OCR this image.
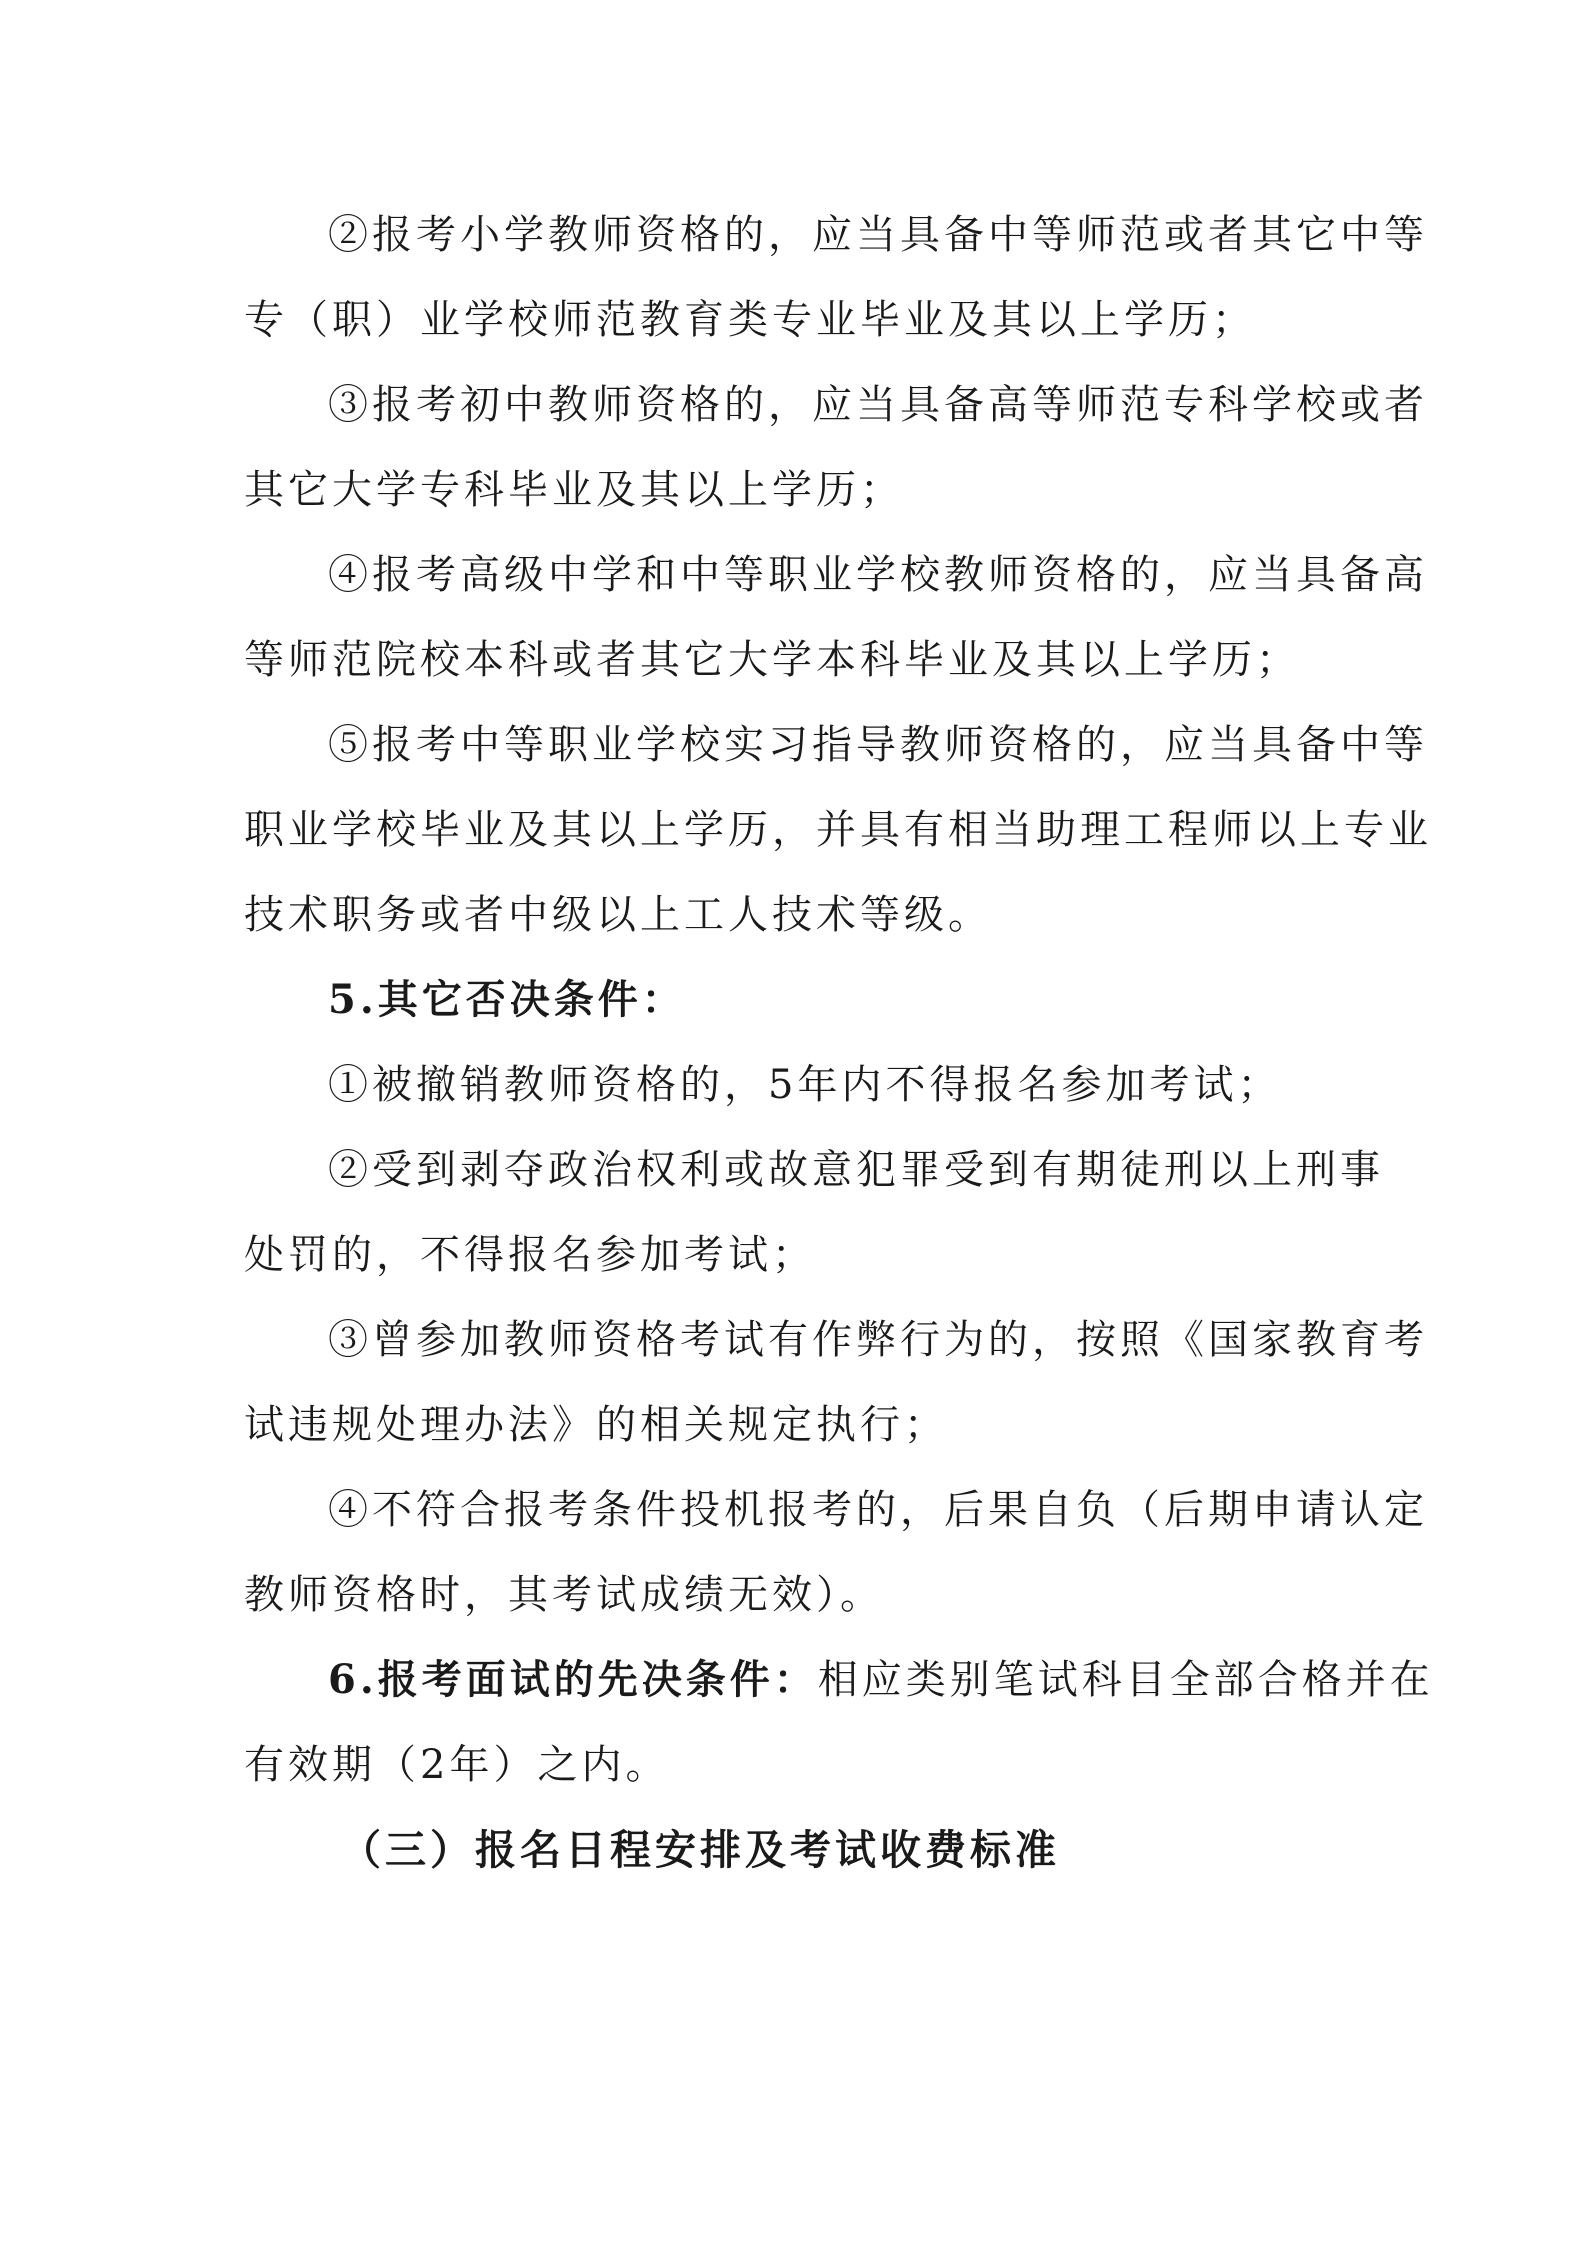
②报考小学教师资格的，应当具备中等师范或者其它中等
专（职）业学校师范教育类专业毕业及其以上学历；
③报考初中教师资格的，应当具备高等师范专科学校或者
其它大学专科毕业及其以上学历；
④报考高级中学和中等职业学校教师资格的，应当具备高
等师范院校本科或者其它大学本科毕业及其以上学历；
⑤报考中等职业学校实习指导教师资格的，应当具备中等
职业学校毕业及其以上学历，并具有相当助理工程师以上专业
技术职务或者中级以上工人技术等级。
5.其它否决条件：
①被撤销教师资格的，5年内不得报名参加考试；
②受到剥夺政治权利或故意犯罪受到有期徒刑以上刑事
处罚的，不得报名参加考试；
③曾参加教师资格考试有作弊行为的，按照《国家教育考
试违规处理办法》的相关规定执行；
④不符合报考条件投机报考的，后果自负（后期申请认定
教师资格时，其考试成绩无效）。
6.报考面试的先决条件：相应类别笔试科目全部合格并在
有效期（2年）之内。
（三）报名日程安排及考试收费标准
